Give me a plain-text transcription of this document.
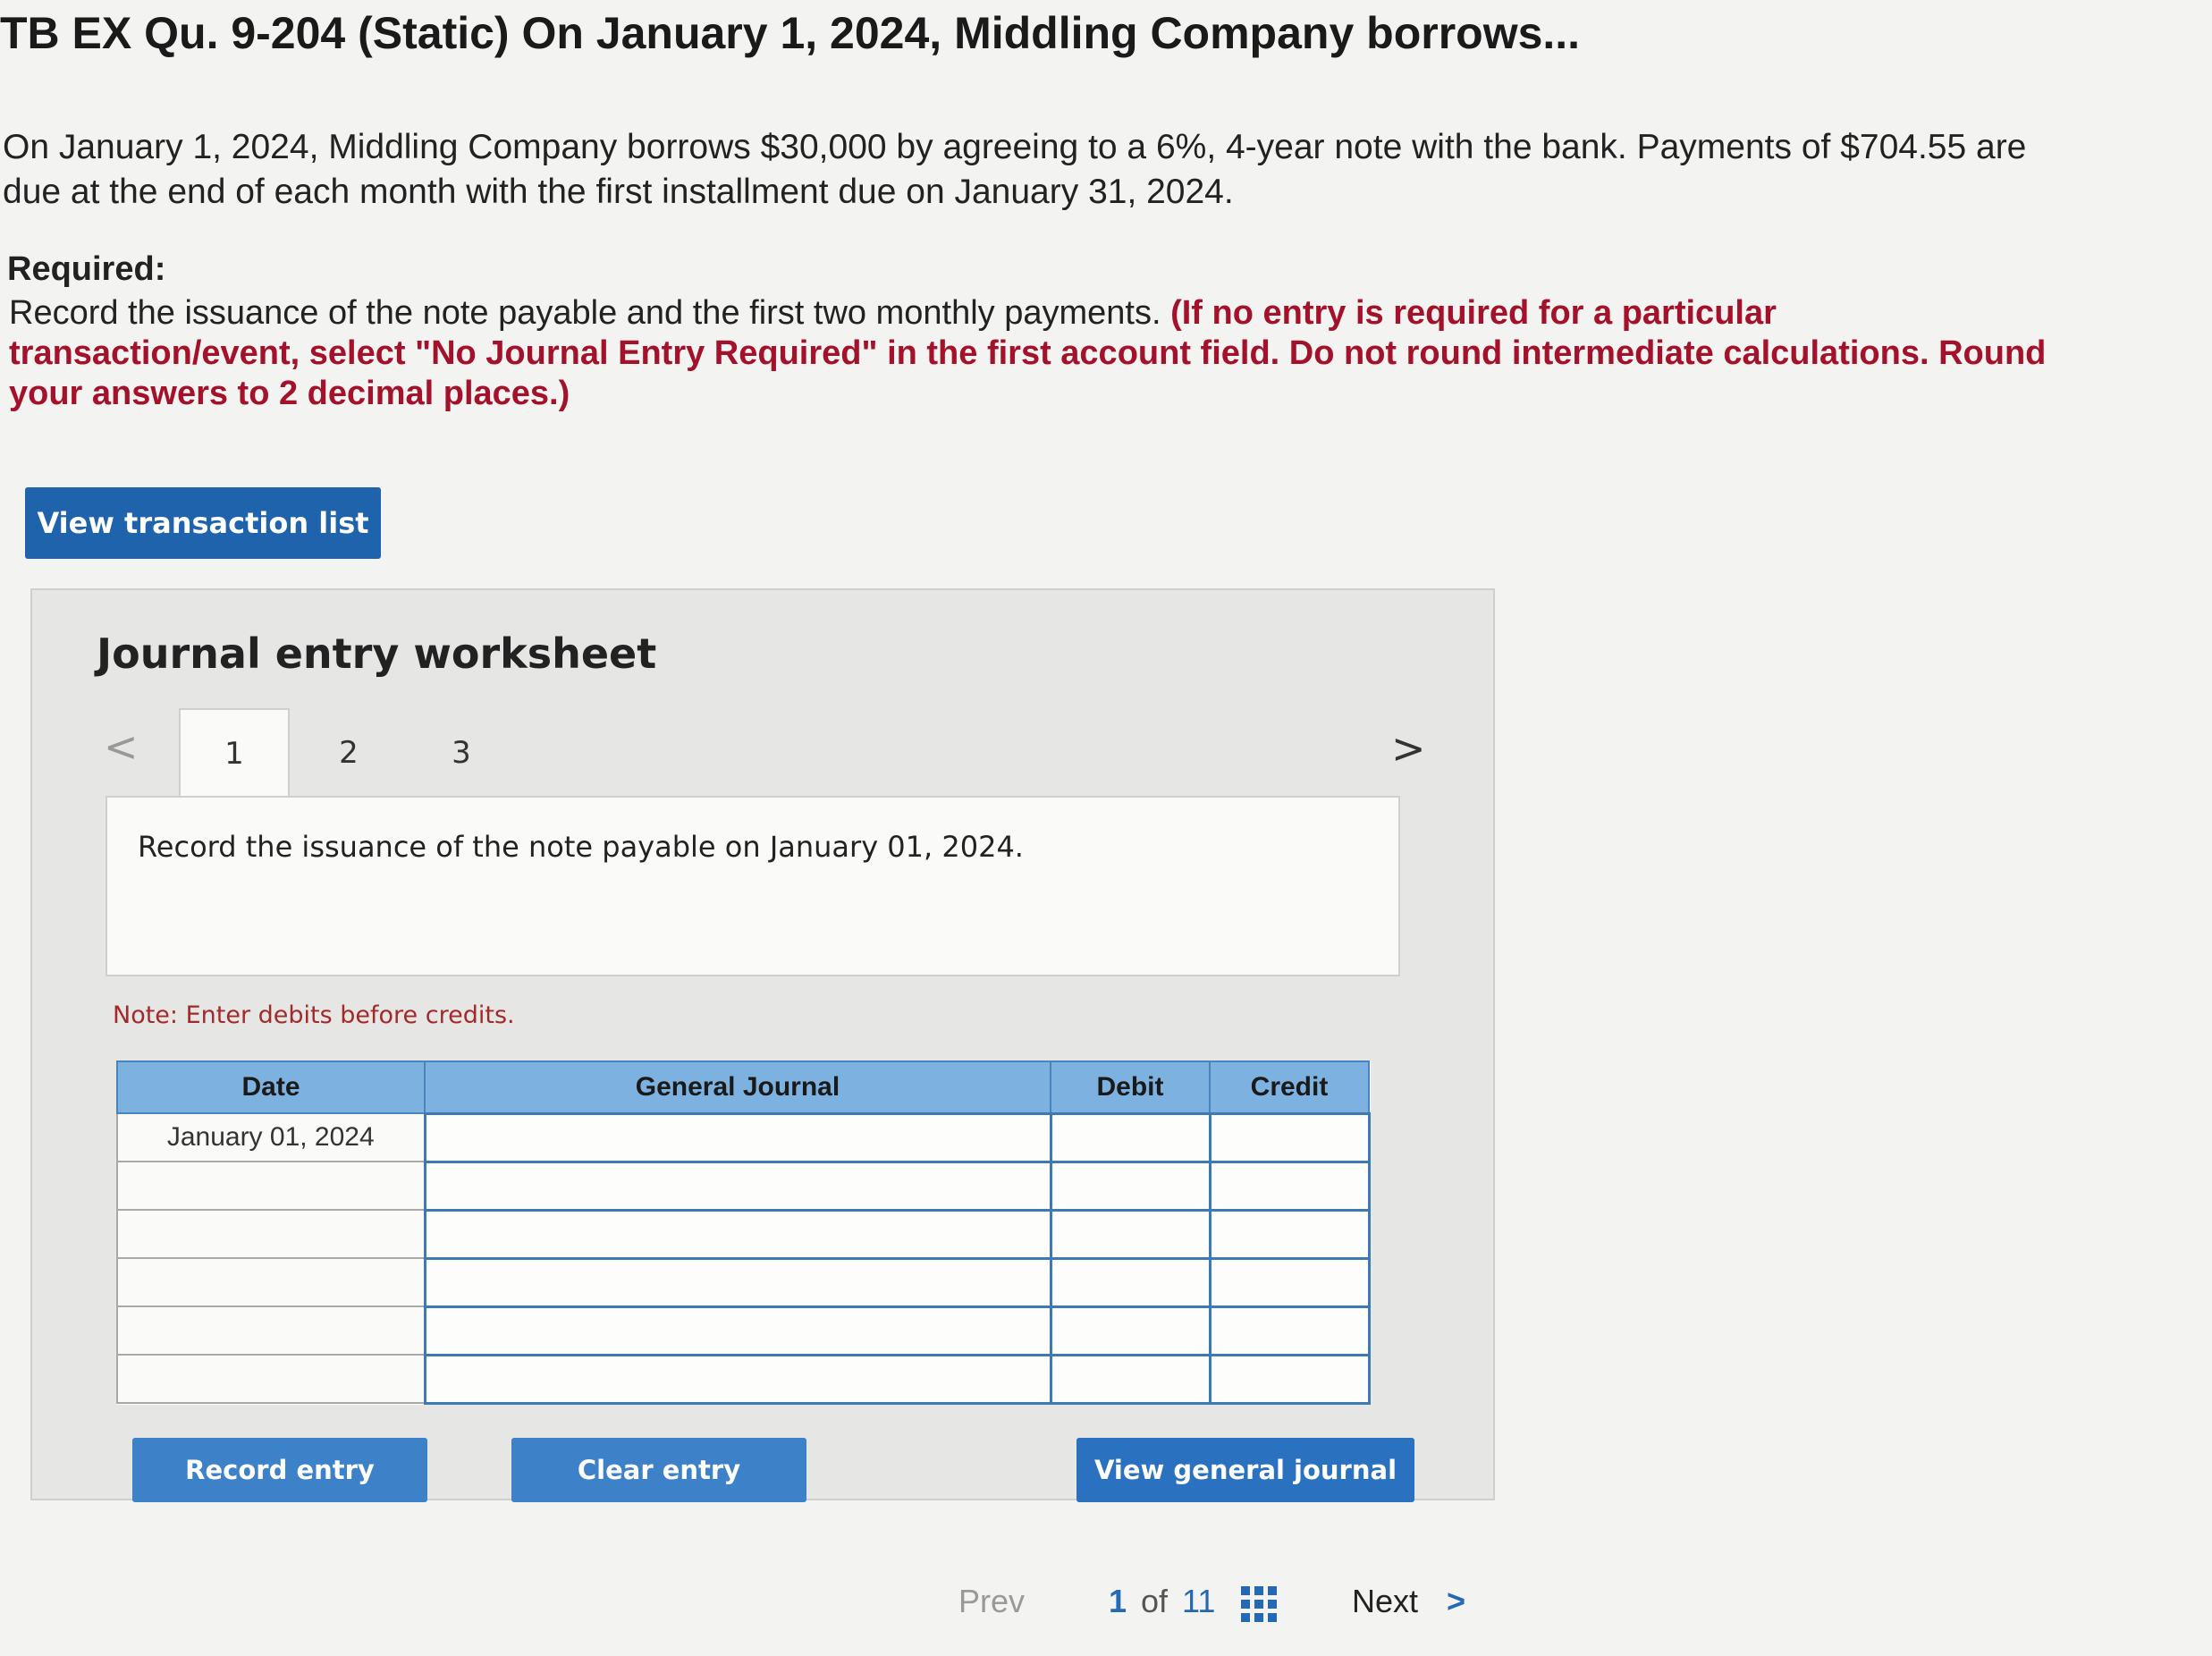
TB EX Qu. 9-204 (Static) On January 1, 2024, Middling Company borrows...
On January 1, 2024, Middling Company borrows $30,000 by agreeing to a 6%, 4-year note with the bank. Payments of $704.55 are due at the end of each month with the first installment due on January 31, 2024.
Required:
Record the issuance of the note payable and the first two monthly payments. (If no entry is required for a particular transaction/event, select "No Journal Entry Required" in the first account field. Do not round intermediate calculations. Round your answers to 2 decimal places.)
View transaction list
Journal entry worksheet
<	1	2	3	>
Record the issuance of the note payable on January 01, 2024.
Note: Enter debits before credits.
Date	General Journal	Debit	Credit
January 01, 2024			

Record entry	Clear entry	View general journal
Prev	1 of 11	Next >
